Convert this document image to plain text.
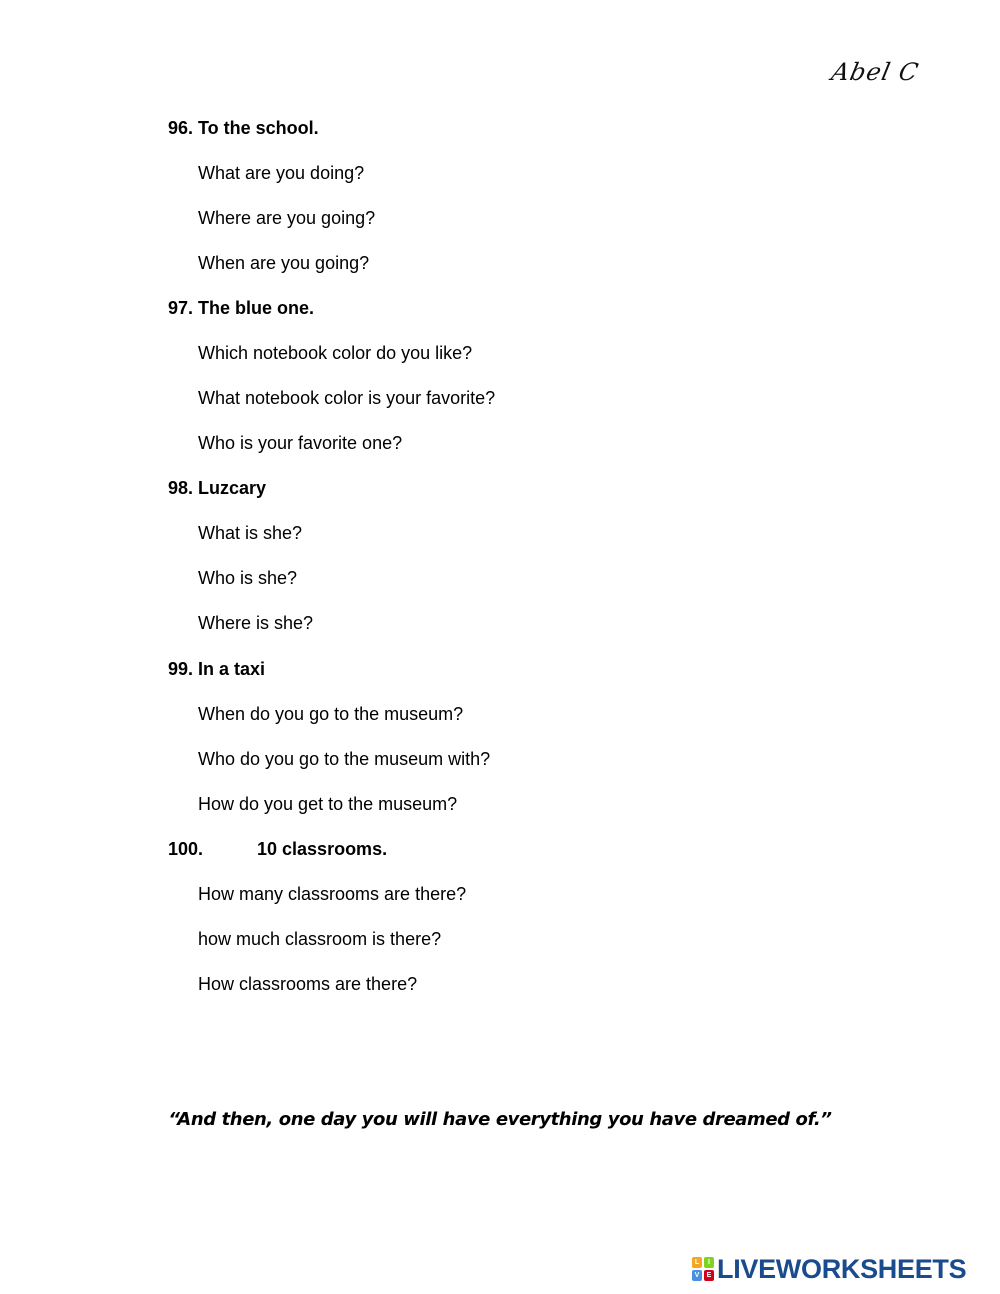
Abel C
96. To the school.
What are you doing?
Where are you going?
When are you going?
97. The blue one.
Which notebook color do you like?
What notebook color is your favorite?
Who is your favorite one?
98. Luzcary
What is she?
Who is she?
Where is she?
99. In a taxi
When do you go to the museum?
Who do you go to the museum with?
How do you get to the museum?
100.	10 classrooms.
How many classrooms are there?
how much classroom is there?
How classrooms are there?
“And then, one day you will have everything you have dreamed of.”
L	I
V	E LIVEWORKSHEETS
